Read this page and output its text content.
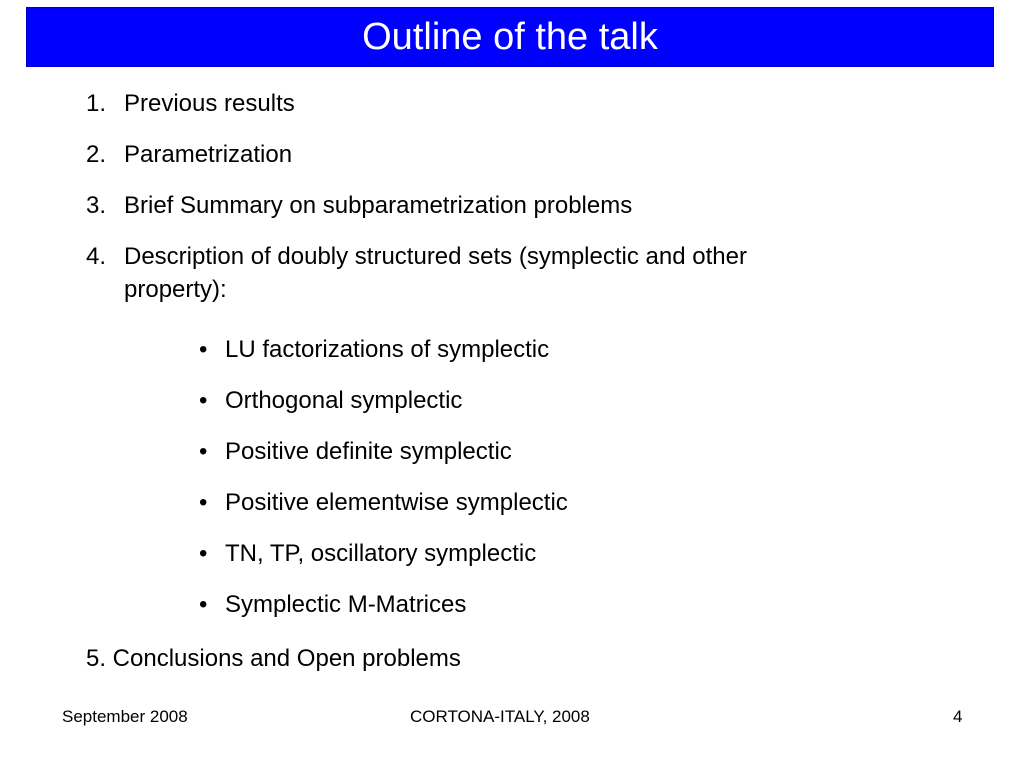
Outline of the talk
1. Previous results
2. Parametrization
3. Brief Summary on subparametrization problems
4. Description of doubly structured sets (symplectic and other
property):
• LU factorizations of symplectic
• Orthogonal symplectic
• Positive definite symplectic
• Positive elementwise symplectic
• TN, TP, oscillatory symplectic
• Symplectic M-Matrices
5. Conclusions and Open problems
September 2008	CORTONA-ITALY, 2008	4
